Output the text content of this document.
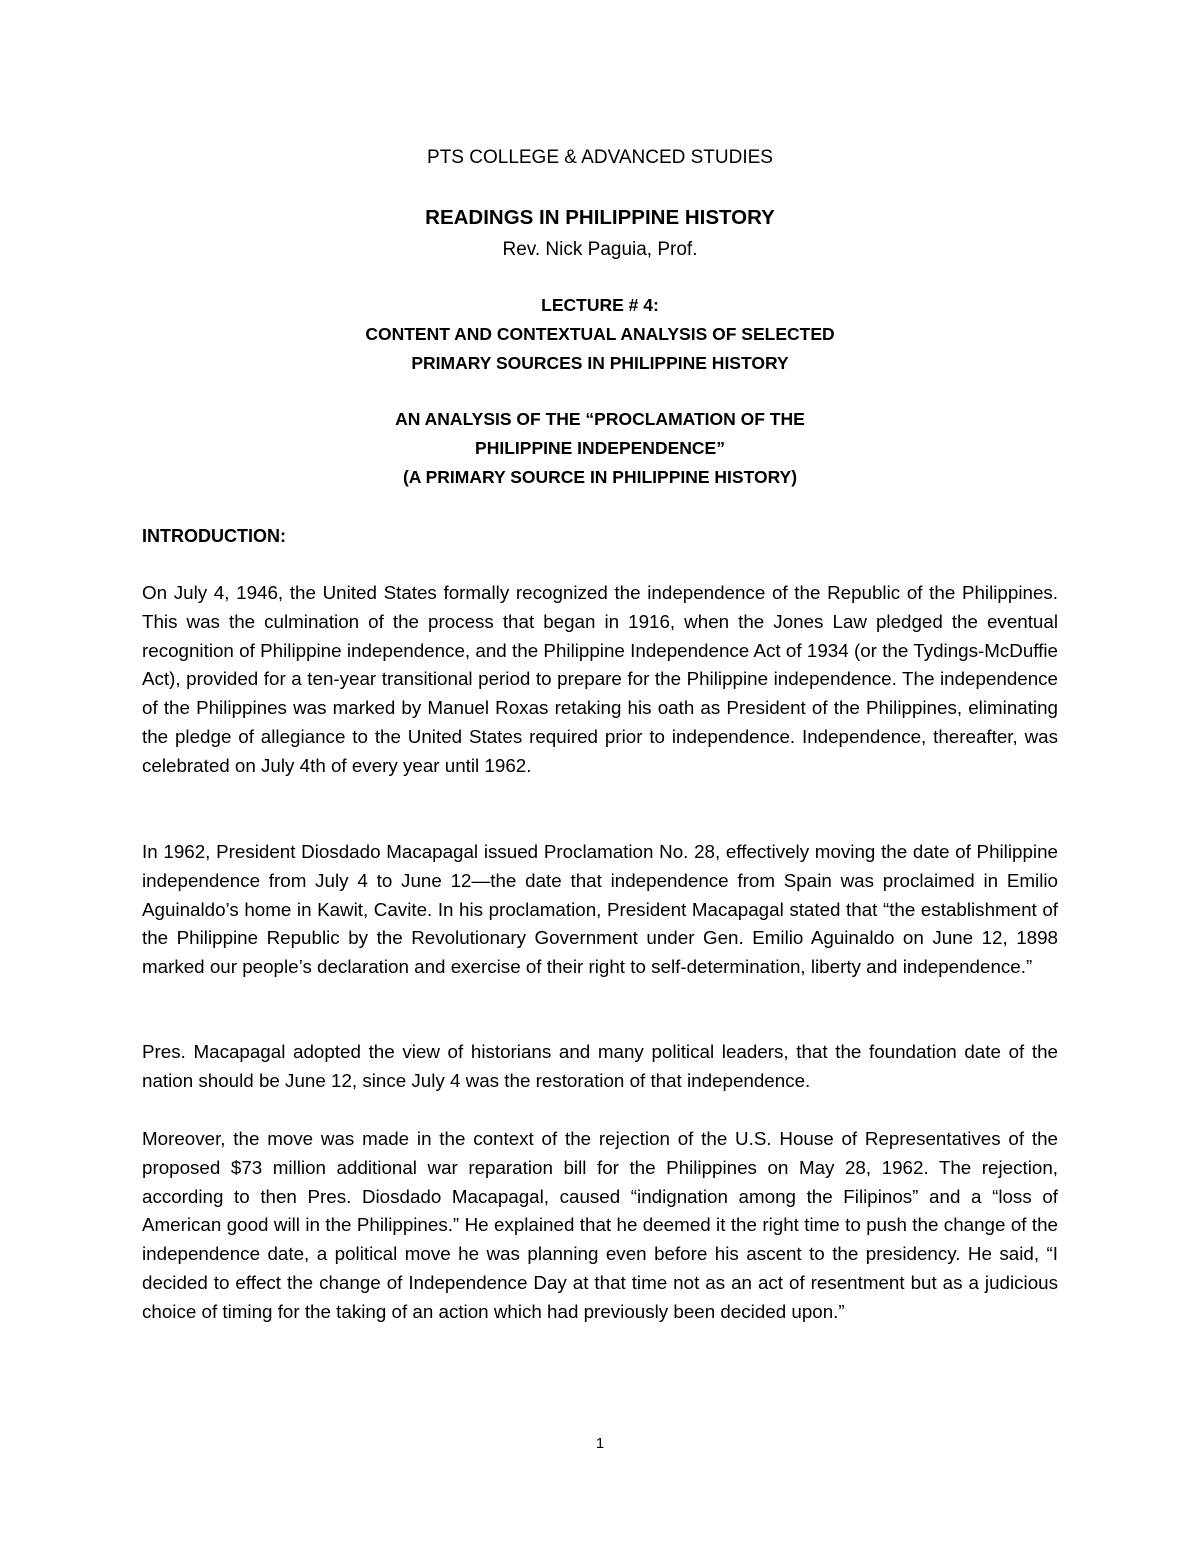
PTS COLLEGE & ADVANCED STUDIES
READINGS IN PHILIPPINE HISTORY
Rev. Nick Paguia, Prof.
LECTURE # 4:
CONTENT AND CONTEXTUAL ANALYSIS OF SELECTED
PRIMARY SOURCES IN PHILIPPINE HISTORY
AN ANALYSIS OF THE “PROCLAMATION OF THE
PHILIPPINE INDEPENDENCE”
(A PRIMARY SOURCE IN PHILIPPINE HISTORY)
INTRODUCTION:

On July 4, 1946, the United States formally recognized the independence of the Republic of the Philippines. This was the culmination of the process that began in 1916, when the Jones Law pledged the eventual recognition of Philippine independence, and the Philippine Independence Act of 1934 (or the Tydings-McDuffie Act), provided for a ten-year transitional period to prepare for the Philippine independence. The independence of the Philippines was marked by Manuel Roxas retaking his oath as President of the Philippines, eliminating the pledge of allegiance to the United States required prior to independence. Independence, thereafter, was celebrated on July 4th of every year until 1962.

In 1962, President Diosdado Macapagal issued Proclamation No. 28, effectively moving the date of Philippine independence from July 4 to June 12—the date that independence from Spain was proclaimed in Emilio Aguinaldo’s home in Kawit, Cavite. In his proclamation, President Macapagal stated that “the establishment of the Philippine Republic by the Revolutionary Government under Gen. Emilio Aguinaldo on June 12, 1898 marked our people’s declaration and exercise of their right to self-determination, liberty and independence.”

Pres. Macapagal adopted the view of historians and many political leaders, that the foundation date of the nation should be June 12, since July 4 was the restoration of that independence.

Moreover, the move was made in the context of the rejection of the U.S. House of Representatives of the proposed $73 million additional war reparation bill for the Philippines on May 28, 1962. The rejection, according to then Pres. Diosdado Macapagal, caused “indignation among the Filipinos” and a “loss of American good will in the Philippines.” He explained that he deemed it the right time to push the change of the independence date, a political move he was planning even before his ascent to the presidency. He said, “I decided to effect the change of Independence Day at that time not as an act of resentment but as a judicious choice of timing for the taking of an action which had previously been decided upon.”

1
